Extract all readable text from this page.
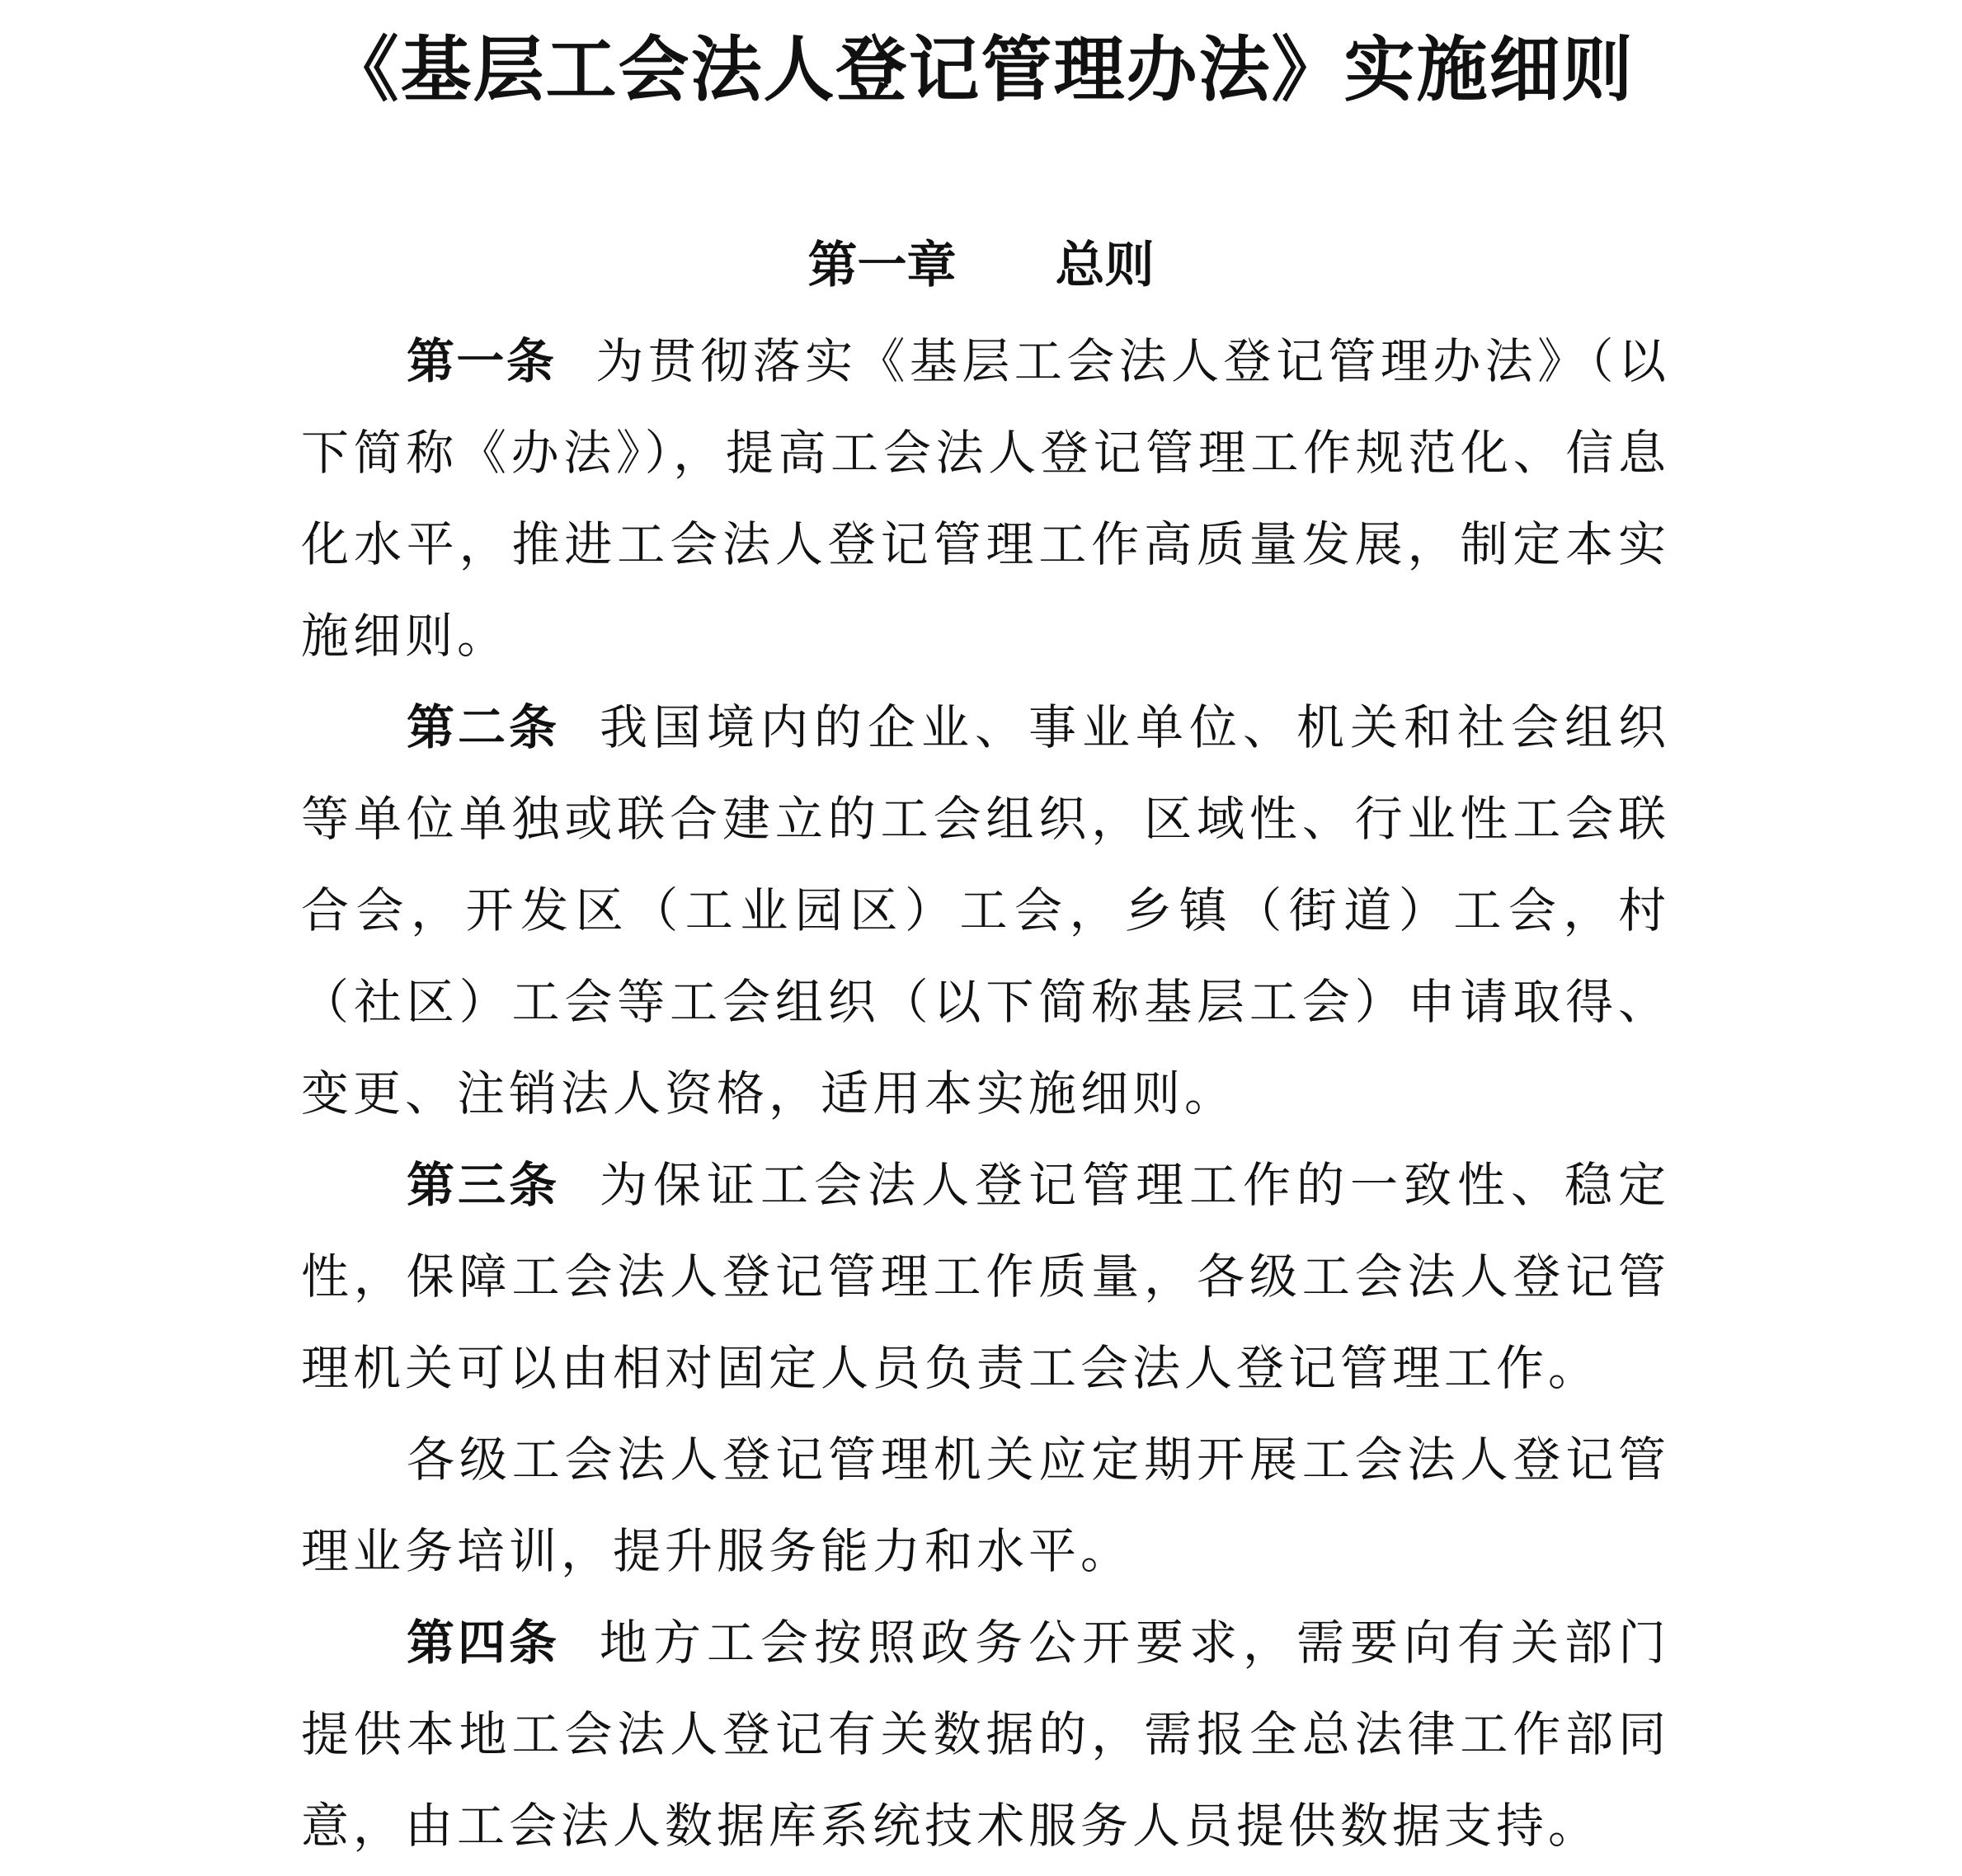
《基层工会法人登记管理办法》实施细则
第一章　　总则

第一条 为贯彻落实《基层工会法人登记管理办法》（以下简称《办法》），提高工会法人登记管理工作规范化、信息化水平，推进工会法人登记管理工作高质量发展，制定本实施细则。

第二条 我国境内的企业、事业单位、机关和社会组织等单位单独或联合建立的工会组织，区域性、行业性工会联合会，开发区（工业园区）工会，乡镇（街道）工会，村（社区）工会等工会组织（以下简称基层工会）申请取得、变更、注销法人资格，适用本实施细则。

第三条 为保证工会法人登记管理工作的一致性、稳定性，保障工会法人登记管理工作质量，各级工会法人登记管理机关可以由相对固定人员负责工会法人登记管理工作。

各级工会法人登记管理机关应定期开展工会法人登记管理业务培训，提升服务能力和水平。

第四条 地方工会按照政务公开要求，需要向有关部门提供本地工会法人登记有关数据的，需报全总法律工作部同意，由工会法人数据库系统技术服务人员提供数据支持。
